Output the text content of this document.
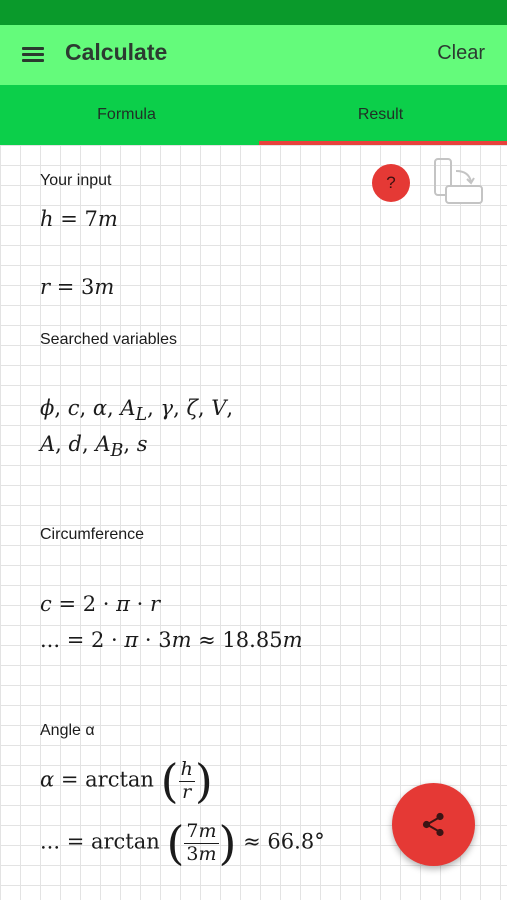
Calculate	Clear
Formula	Result
Your input
h = 7m
r = 3m
?
Searched variables
ϕ, c, α, $A_L$, γ, ζ, V,
A, d, $A_B$, s
Circumference
c = 2 · π · r
... = 2 · π · 3m ≈ 18.85m
Angle α
α = arctan ( $\frac{h}{r}$ )
... = arctan ( $\frac{7m}{3m}$ ) ≈ 66.8°
